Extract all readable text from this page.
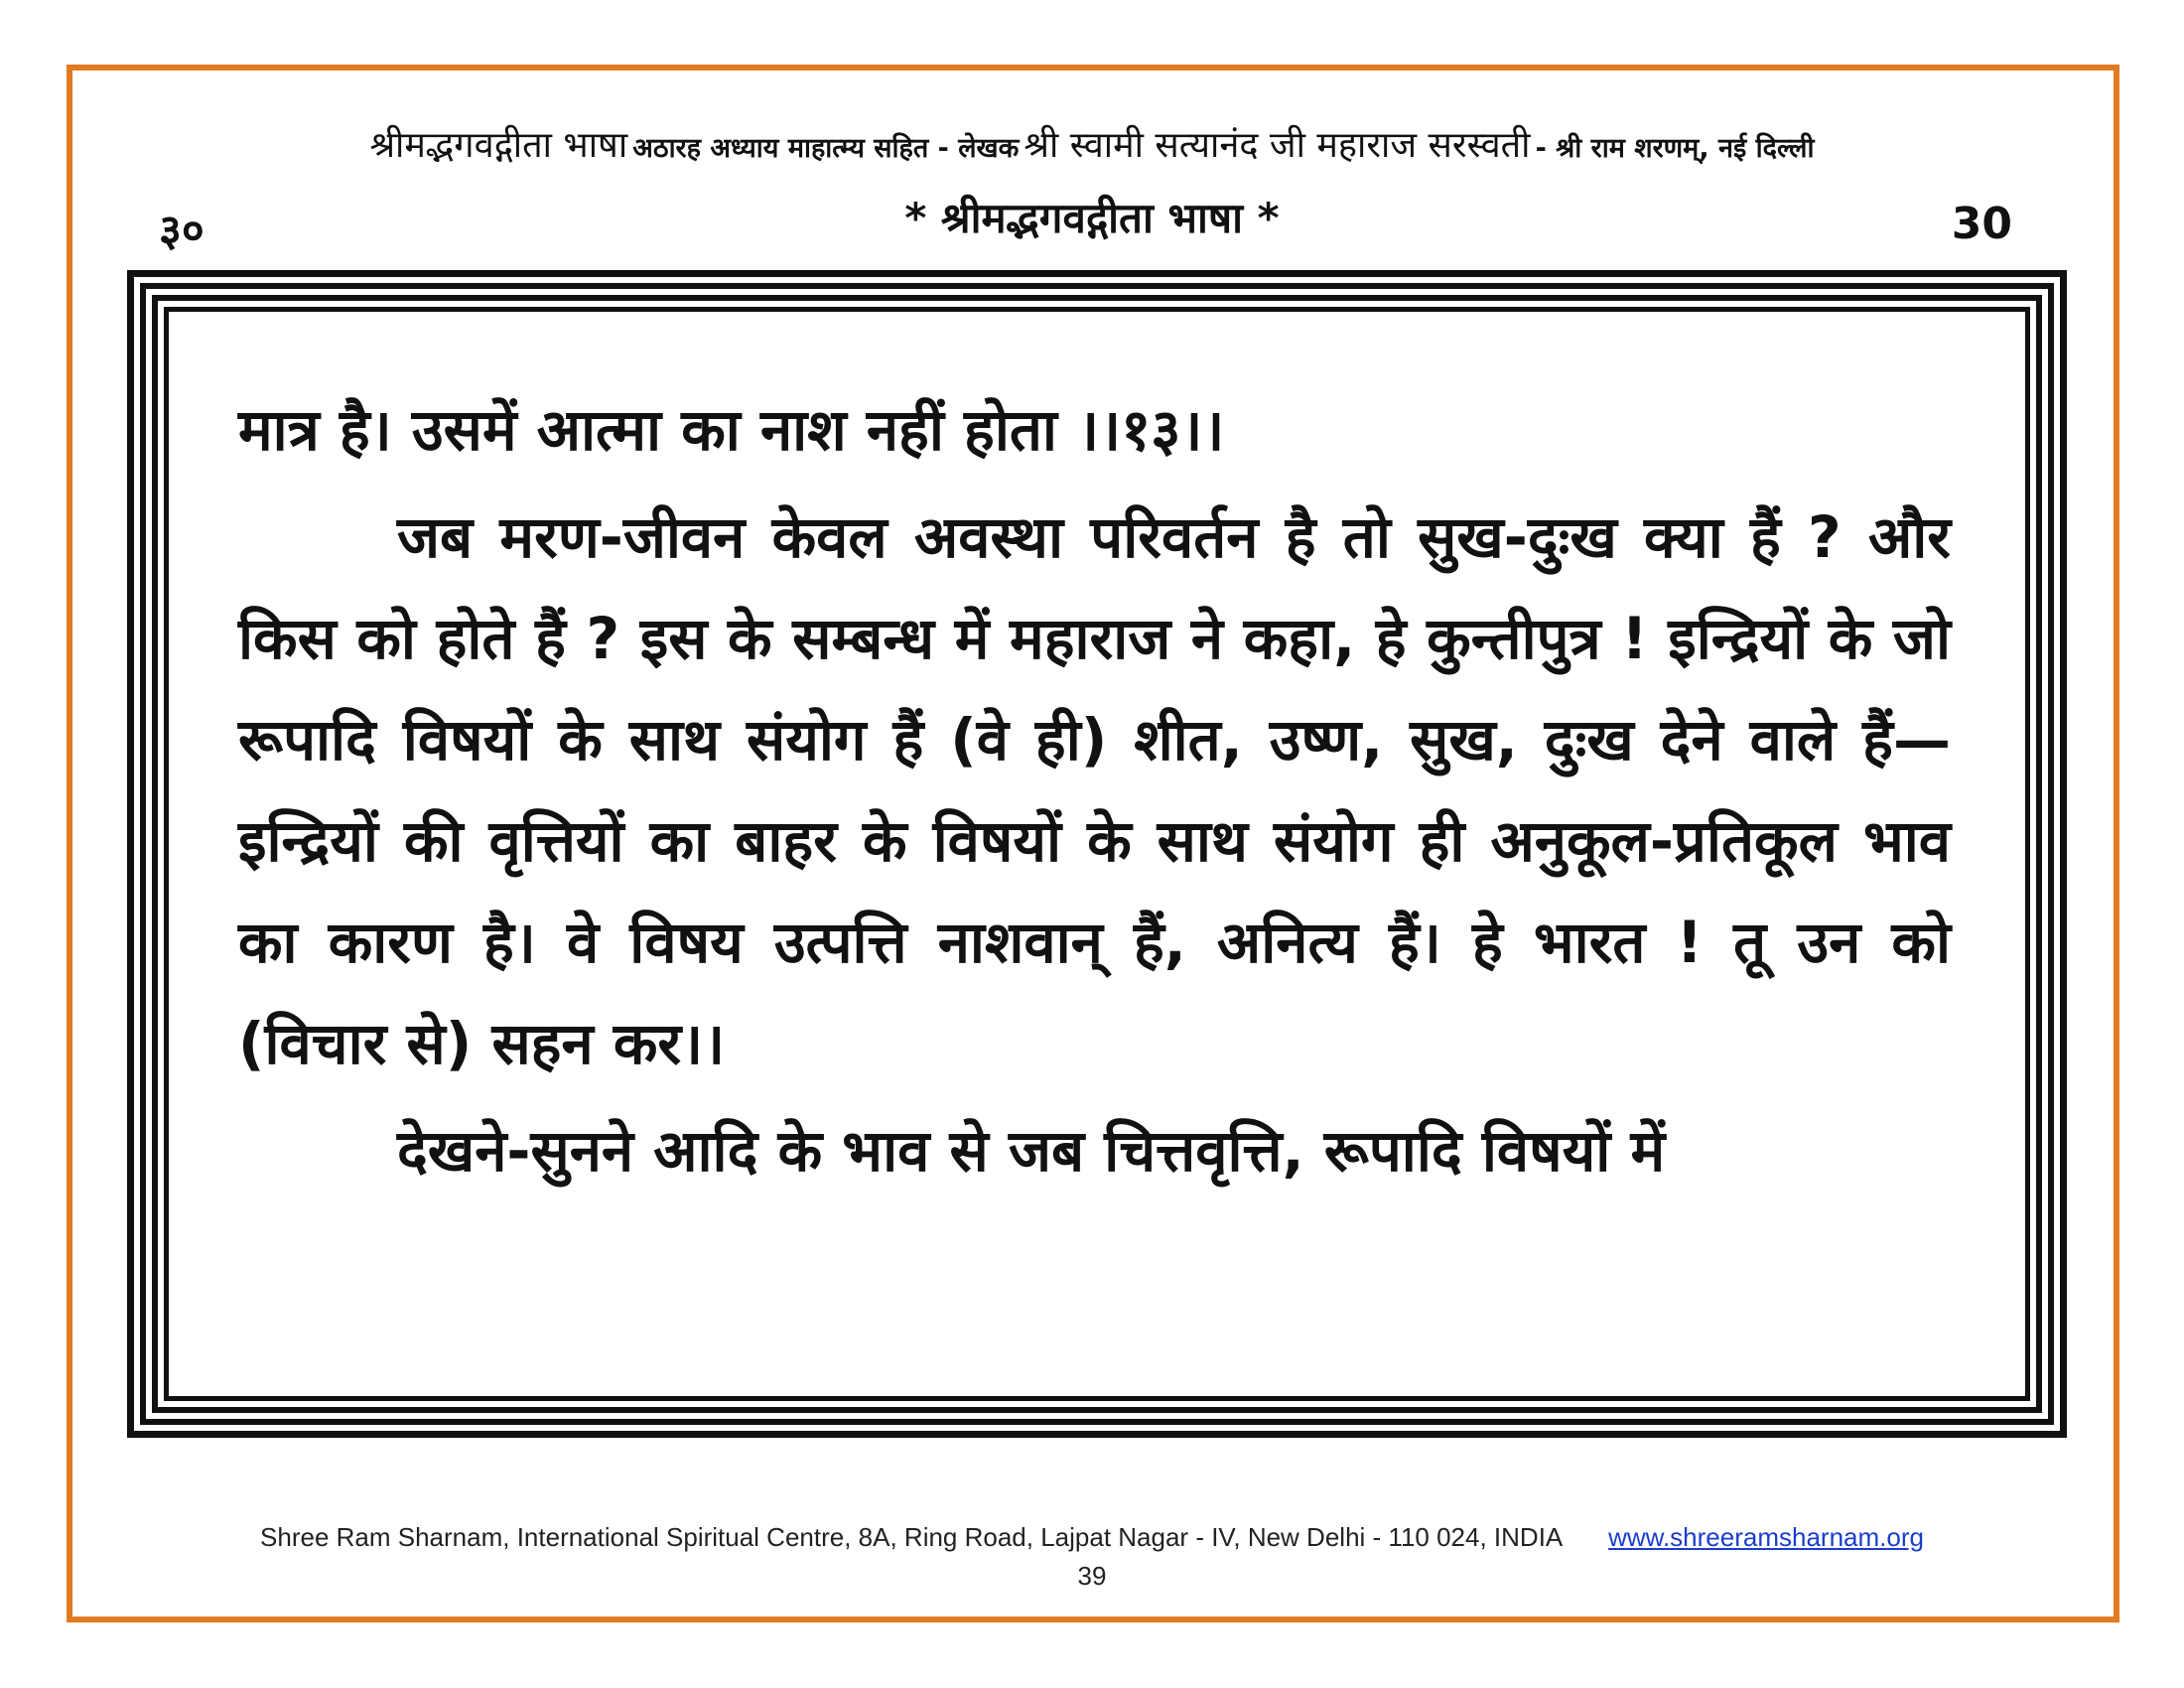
श्रीमद्भगवद्गीता भाषा अठारह अध्याय माहात्म्य सहित - लेखक श्री स्वामी सत्यानंद जी महाराज सरस्वती - श्री राम शरणम्, नई दिल्ली
३०	* श्रीमद्भगवद्गीता भाषा *	30

मात्र है। उसमें आत्मा का नाश नहीं होता ।।१३।।

जब मरण-जीवन केवल अवस्था परिवर्तन है तो सुख-दुःख क्या हैं ? और किस को होते हैं ? इस के सम्बन्ध में महाराज ने कहा, हे कुन्तीपुत्र ! इन्द्रियों के जो रूपादि विषयों के साथ संयोग हैं (वे ही) शीत, उष्ण, सुख, दुःख देने वाले हैं—इन्द्रियों की वृत्तियों का बाहर के विषयों के साथ संयोग ही अनुकूल-प्रतिकूल भाव का कारण है। वे विषय उत्पत्ति नाशवान् हैं, अनित्य हैं। हे भारत ! तू उन को (विचार से) सहन कर।।

देखने-सुनने आदि के भाव से जब चित्तवृत्ति, रूपादि विषयों में

Shree Ram Sharnam, International Spiritual Centre, 8A, Ring Road, Lajpat Nagar - IV, New Delhi - 110 024, INDIA www.shreeramsharnam.org
39
